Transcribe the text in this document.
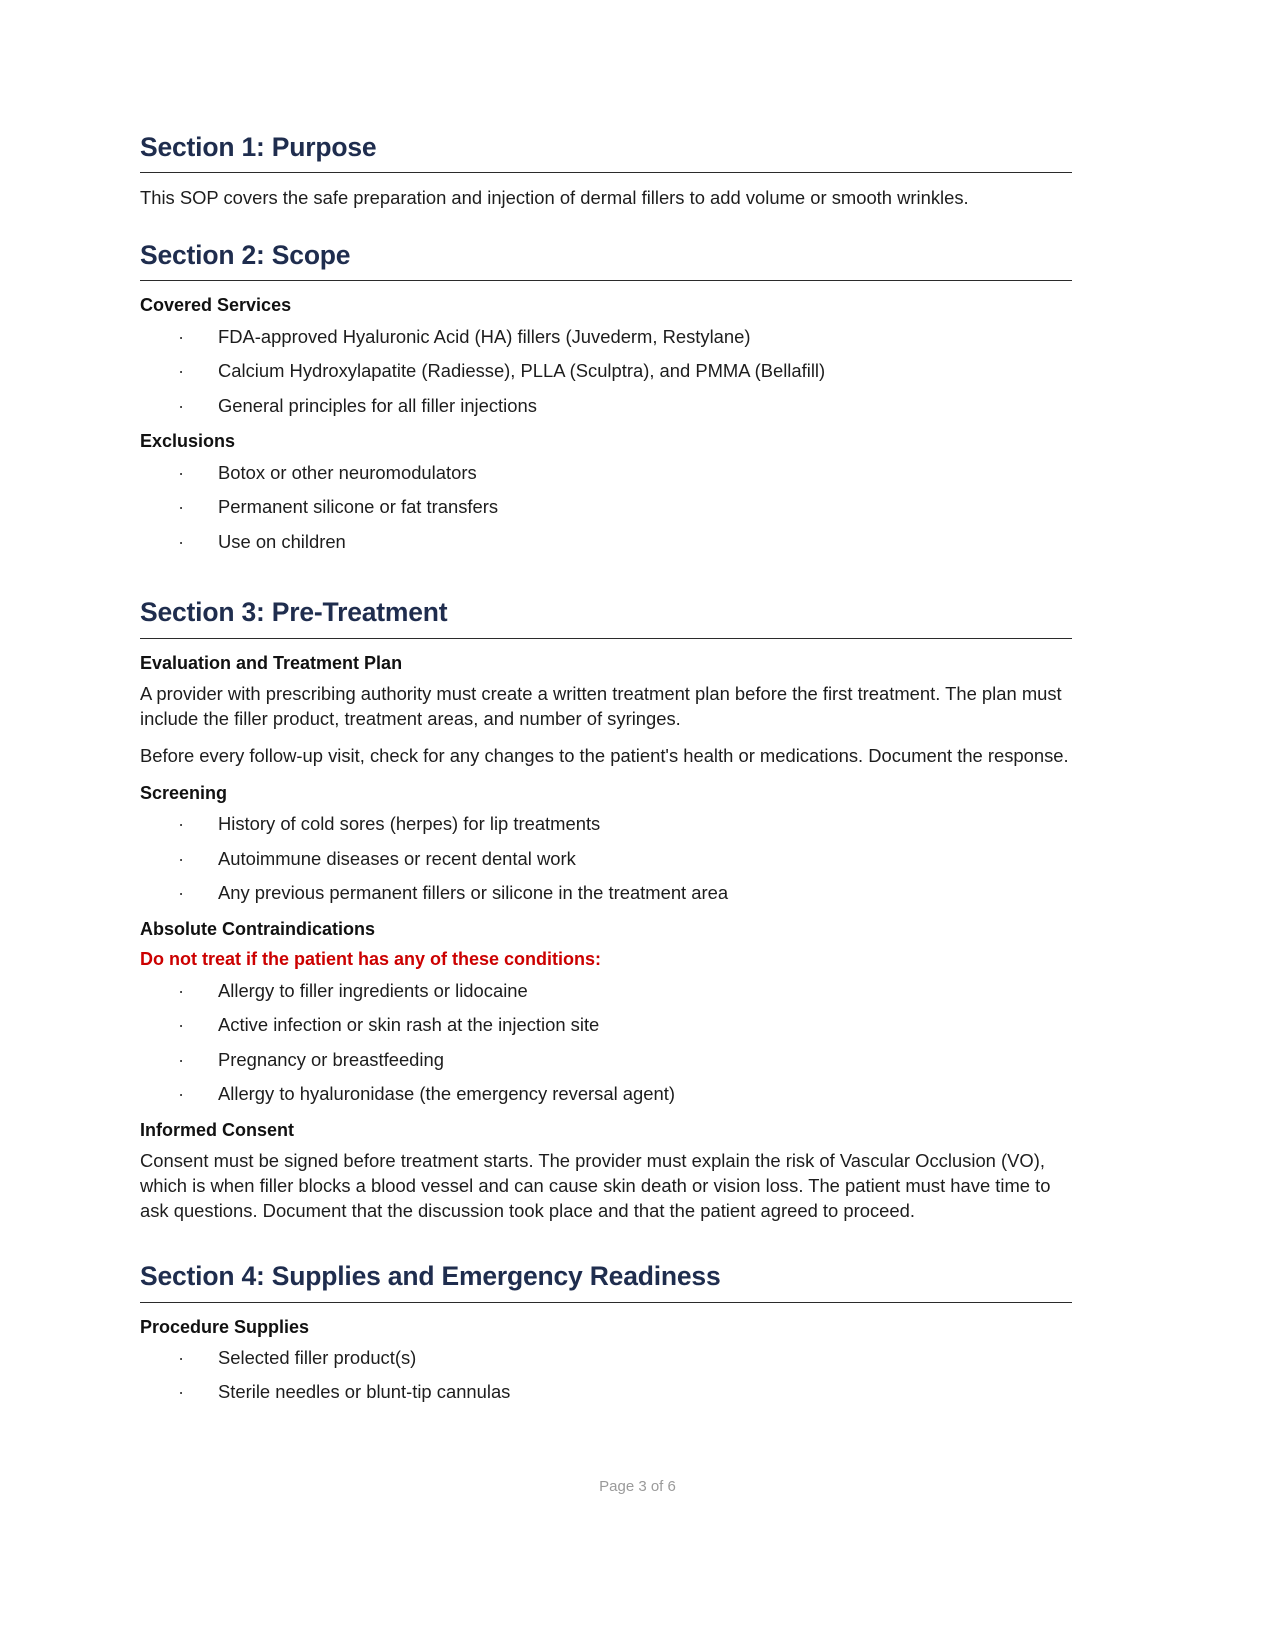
Section 1: Purpose

This SOP covers the safe preparation and injection of dermal fillers to add volume or smooth wrinkles.

Section 2: Scope
Covered Services
· FDA-approved Hyaluronic Acid (HA) fillers (Juvederm, Restylane)
· Calcium Hydroxylapatite (Radiesse), PLLA (Sculptra), and PMMA (Bellafill)
· General principles for all filler injections
Exclusions
· Botox or other neuromodulators
· Permanent silicone or fat transfers
· Use on children
Section 3: Pre-Treatment
Evaluation and Treatment Plan

A provider with prescribing authority must create a written treatment plan before the first treatment. The plan must include the filler product, treatment areas, and number of syringes.

Before every follow-up visit, check for any changes to the patient's health or medications. Document the response.

Screening
· History of cold sores (herpes) for lip treatments
· Autoimmune diseases or recent dental work
· Any previous permanent fillers or silicone in the treatment area
Absolute Contraindications
Do not treat if the patient has any of these conditions:
· Allergy to filler ingredients or lidocaine
· Active infection or skin rash at the injection site
· Pregnancy or breastfeeding
· Allergy to hyaluronidase (the emergency reversal agent)
Informed Consent

Consent must be signed before treatment starts. The provider must explain the risk of Vascular Occlusion (VO), which is when filler blocks a blood vessel and can cause skin death or vision loss. The patient must have time to ask questions. Document that the discussion took place and that the patient agreed to proceed.

Section 4: Supplies and Emergency Readiness
Procedure Supplies
· Selected filler product(s)
· Sterile needles or blunt-tip cannulas
Page 3 of 6
